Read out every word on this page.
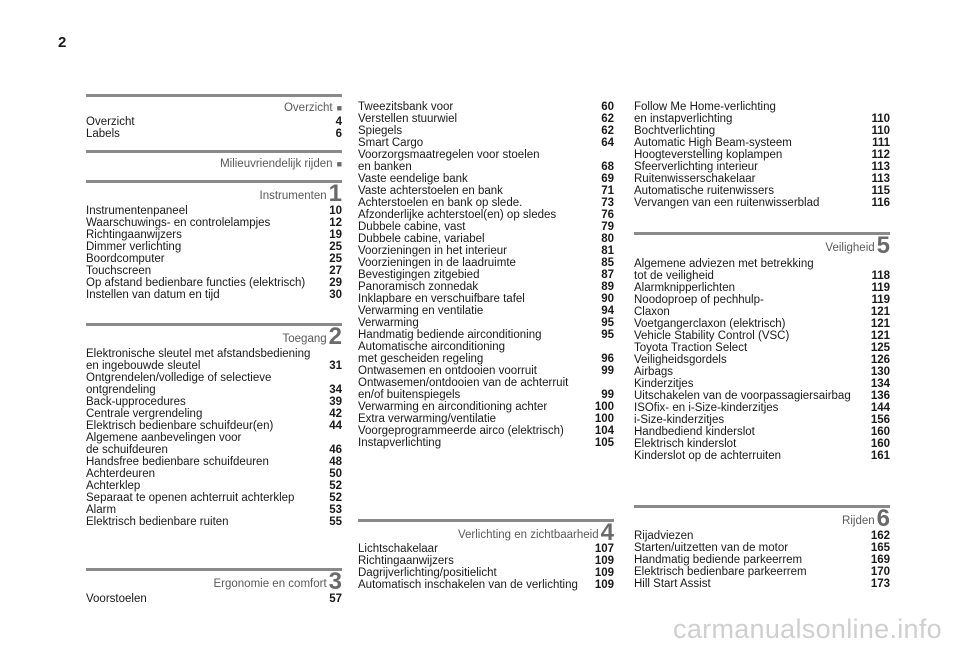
2
Overzicht ■
Overzicht	4
Labels	6
Milieuvriendelijk rijden ■
Instrumenten1
Instrumentenpaneel	10
Waarschuwings- en controlelampjes	12
Richtingaanwijzers	19
Dimmer verlichting	25
Boordcomputer	25
Touchscreen	27
Op afstand bedienbare functies (elektrisch)	29
Instellen van datum en tijd	30
Toegang2
Elektronische sleutel met afstandsbediening
en ingebouwde sleutel	31
Ontgrendelen/volledige of selectieve
ontgrendeling	34
Back-upprocedures	39
Centrale vergrendeling	42
Elektrisch bedienbare schuifdeur(en)	44
Algemene aanbevelingen voor
de schuifdeuren	46
Handsfree bedienbare schuifdeuren	48
Achterdeuren	50
Achterklep	52
Separaat te openen achterruit achterklep	52
Alarm	53
Elektrisch bedienbare ruiten	55
Ergonomie en comfort3
Voorstoelen	57
Tweezitsbank voor	60
Verstellen stuurwiel	62
Spiegels	62
Smart Cargo	64
Voorzorgsmaatregelen voor stoelen
en banken	68
Vaste eendelige bank	69
Vaste achterstoelen en bank	71
Achterstoelen en bank op slede.	73
Afzonderlijke achterstoel(en) op sledes	76
Dubbele cabine, vast	79
Dubbele cabine, variabel	80
Voorzieningen in het interieur	81
Voorzieningen in de laadruimte	85
Bevestigingen zitgebied	87
Panoramisch zonnedak	89
Inklapbare en verschuifbare tafel	90
Verwarming en ventilatie	94
Verwarming	95
Handmatig bediende airconditioning	95
Automatische airconditioning
met gescheiden regeling	96
Ontwasemen en ontdooien voorruit	99
Ontwasemen/ontdooien van de achterruit
en/of buitenspiegels	99
Verwarming en airconditioning achter	100
Extra verwarming/ventilatie	100
Voorgeprogrammeerde airco (elektrisch)	104
Instapverlichting	105
Verlichting en zichtbaarheid4
Lichtschakelaar	107
Richtingaanwijzers	109
Dagrijverlichting/positielicht	109
Automatisch inschakelen van de verlichting	109
Follow Me Home-verlichting
en instapverlichting	110
Bochtverlichting	110
Automatic High Beam-systeem	111
Hoogteverstelling koplampen	112
Sfeerverlichting interieur	113
Ruitenwisserschakelaar	113
Automatische ruitenwissers	115
Vervangen van een ruitenwisserblad	116
Veiligheid5
Algemene adviezen met betrekking
tot de veiligheid	118
Alarmknipperlichten	119
Noodoproep of pechhulp-	119
Claxon	121
Voetgangerclaxon (elektrisch)	121
Vehicle Stability Control (VSC)	121
Toyota Traction Select	125
Veiligheidsgordels	126
Airbags	130
Kinderzitjes	134
Uitschakelen van de voorpassagiersairbag	136
ISOfix- en i-Size-kinderzitjes	144
i-Size-kinderzitjes	156
Handbediend kinderslot	160
Elektrisch kinderslot	160
Kinderslot op de achterruiten	161
Rijden6
Rijadviezen	162
Starten/uitzetten van de motor	165
Handmatig bediende parkeerrem	169
Elektrisch bedienbare parkeerrem	170
Hill Start Assist	173
carmanualsonline.info
